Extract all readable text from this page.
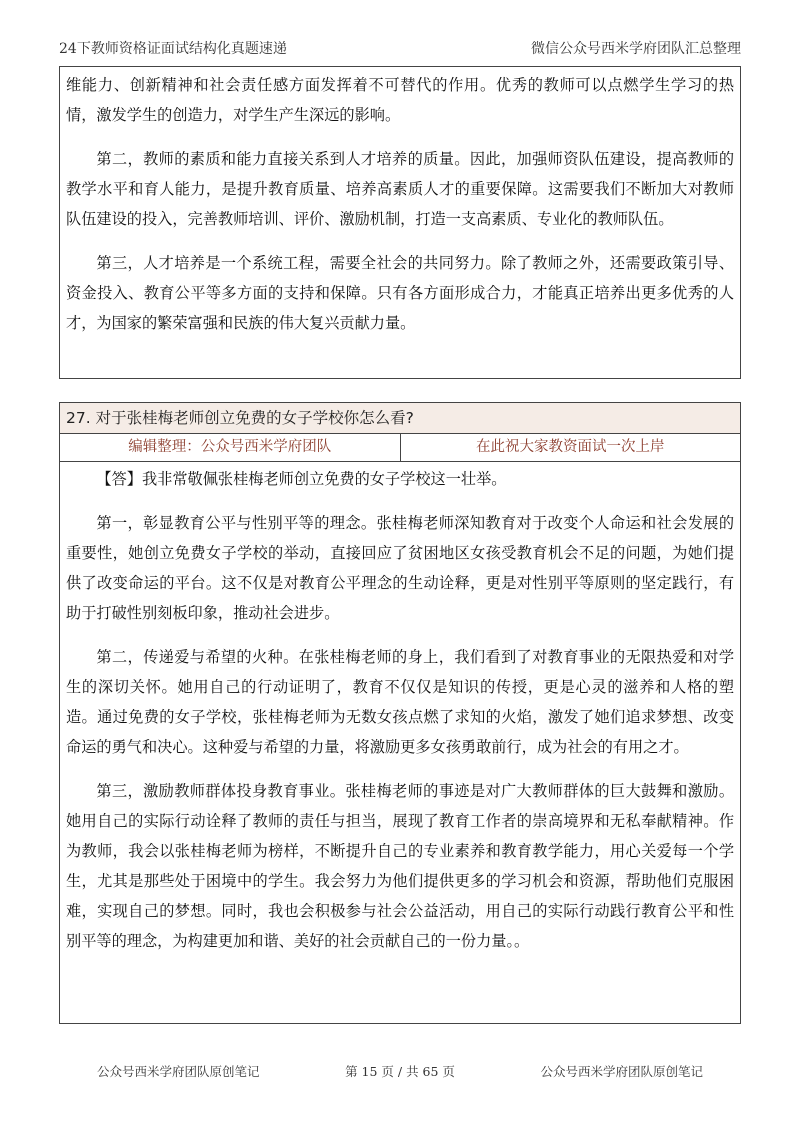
24下教师资格证面试结构化真题速递	微信公众号西米学府团队汇总整理

维能力、创新精神和社会责任感方面发挥着不可替代的作用。优秀的教师可以点燃学生学习的热情，激发学生的创造力，对学生产生深远的影响。

第二，教师的素质和能力直接关系到人才培养的质量。因此，加强师资队伍建设，提高教师的教学水平和育人能力，是提升教育质量、培养高素质人才的重要保障。这需要我们不断加大对教师队伍建设的投入，完善教师培训、评价、激励机制，打造一支高素质、专业化的教师队伍。

第三，人才培养是一个系统工程，需要全社会的共同努力。除了教师之外，还需要政策引导、资金投入、教育公平等多方面的支持和保障。只有各方面形成合力，才能真正培养出更多优秀的人才，为国家的繁荣富强和民族的伟大复兴贡献力量。

27. 对于张桂梅老师创立免费的女子学校你怎么看?
编辑整理：公众号西米学府团队	在此祝大家教资面试一次上岸

【答】我非常敬佩张桂梅老师创立免费的女子学校这一壮举。

第一，彰显教育公平与性别平等的理念。张桂梅老师深知教育对于改变个人命运和社会发展的重要性，她创立免费女子学校的举动，直接回应了贫困地区女孩受教育机会不足的问题，为她们提供了改变命运的平台。这不仅是对教育公平理念的生动诠释，更是对性别平等原则的坚定践行，有助于打破性别刻板印象，推动社会进步。

第二，传递爱与希望的火种。在张桂梅老师的身上，我们看到了对教育事业的无限热爱和对学生的深切关怀。她用自己的行动证明了，教育不仅仅是知识的传授，更是心灵的滋养和人格的塑造。通过免费的女子学校，张桂梅老师为无数女孩点燃了求知的火焰，激发了她们追求梦想、改变命运的勇气和决心。这种爱与希望的力量，将激励更多女孩勇敢前行，成为社会的有用之才。

第三，激励教师群体投身教育事业。张桂梅老师的事迹是对广大教师群体的巨大鼓舞和激励。她用自己的实际行动诠释了教师的责任与担当，展现了教育工作者的崇高境界和无私奉献精神。作为教师，我会以张桂梅老师为榜样，不断提升自己的专业素养和教育教学能力，用心关爱每一个学生，尤其是那些处于困境中的学生。我会努力为他们提供更多的学习机会和资源，帮助他们克服困难，实现自己的梦想。同时，我也会积极参与社会公益活动，用自己的实际行动践行教育公平和性别平等的理念，为构建更加和谐、美好的社会贡献自己的一份力量。。

公众号西米学府团队原创笔记	第 15 页 / 共 65 页	公众号西米学府团队原创笔记
